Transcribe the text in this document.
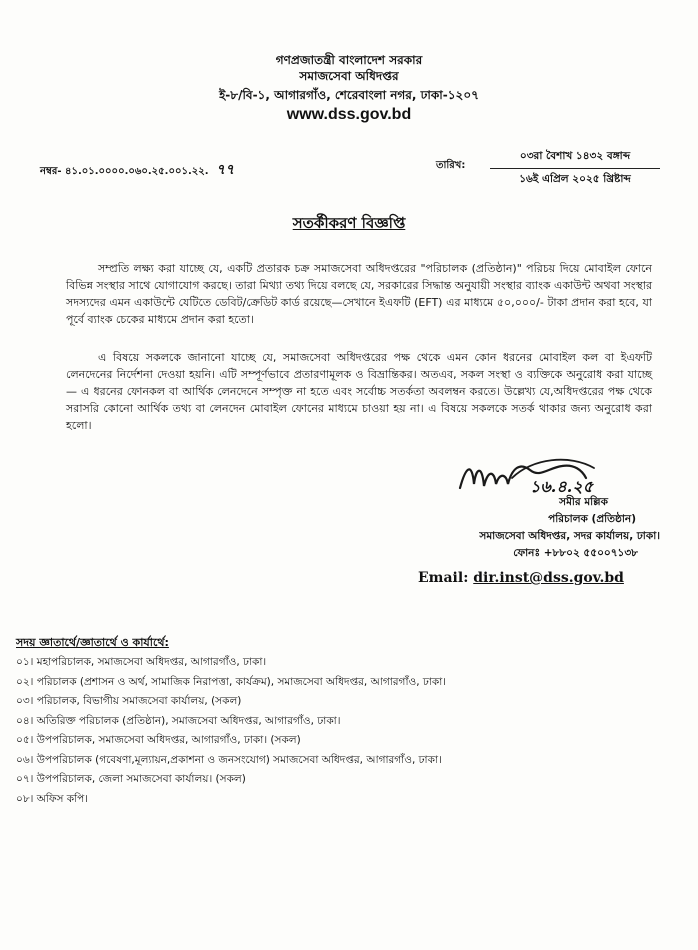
গণপ্রজাতন্ত্রী বাংলাদেশ সরকার
সমাজসেবা অধিদপ্তর
ই-৮/বি-১, আগারগাঁও, শেরেবাংলা নগর, ঢাকা-১২০৭
www.dss.gov.bd
নম্বর- ৪১.০১.০০০০.০৬০.২৫.০০১.২২. ৭৭	তারিখ:
০৩রা বৈশাখ ১৪৩২ বঙ্গাব্দ
১৬ই এপ্রিল ২০২৫ খ্রিষ্টাব্দ
সতর্কীকরণ বিজ্ঞপ্তি
সম্প্রতি লক্ষ্য করা যাচ্ছে যে, একটি প্রতারক চক্র সমাজসেবা অধিদপ্তরের "পরিচালক (প্রতিষ্ঠান)" পরিচয় দিয়ে মোবাইল ফোনে বিভিন্ন সংস্থার সাথে যোগাযোগ করছে। তারা মিথ্যা তথ্য দিয়ে বলছে যে, সরকারের সিদ্ধান্ত অনুযায়ী সংস্থার ব্যাংক একাউন্ট অথবা সংস্থার সদস্যদের এমন একাউন্টে যেটিতে ডেবিট/ক্রেডিট কার্ড রয়েছে—সেখানে ইএফটি (EFT) এর মাধ্যমে ৫০,০০০/- টাকা প্রদান করা হবে, যা পূর্বে ব্যাংক চেকের মাধ্যমে প্রদান করা হতো।
এ বিষয়ে সকলকে জানানো যাচ্ছে যে, সমাজসেবা অধিদপ্তরের পক্ষ থেকে এমন কোন ধরনের মোবাইল কল বা ইএফটি লেনদেনের নির্দেশনা দেওয়া হয়নি। এটি সম্পূর্ণভাবে প্রতারণামূলক ও বিভ্রান্তিকর। অতএব, সকল সংস্থা ও ব্যক্তিকে অনুরোধ করা যাচ্ছে— এ ধরনের ফোনকল বা আর্থিক লেনদেনে সম্পৃক্ত না হতে এবং সর্বোচ্চ সতর্কতা অবলম্বন করতে। উল্লেখ্য যে,অধিদপ্তরের পক্ষ থেকে সরাসরি কোনো আর্থিক তথ্য বা লেনদেন মোবাইল ফোনের মাধ্যমে চাওয়া হয় না। এ বিষয়ে সকলকে সতর্ক থাকার জন্য অনুরোধ করা হলো।
১৬.৪.২৫
সমীর মল্লিক
পরিচালক (প্রতিষ্ঠান)
সমাজসেবা অধিদপ্তর, সদর কার্যালয়, ঢাকা।
ফোনঃ +৮৮০২ ৫৫০০৭১৩৮
Email: dir.inst@dss.gov.bd
সদয় জ্ঞাতার্থে/জ্ঞাতার্থে ও কার্যার্থে:
০১। মহাপরিচালক, সমাজসেবা অধিদপ্তর, আগারগাঁও, ঢাকা।
০২। পরিচালক (প্রশাসন ও অর্থ, সামাজিক নিরাপত্তা, কার্যক্রম), সমাজসেবা অধিদপ্তর, আগারগাঁও, ঢাকা।
০৩। পরিচালক, বিভাগীয় সমাজসেবা কার্যালয়, (সকল)
০৪। অতিরিক্ত পরিচালক (প্রতিষ্ঠান), সমাজসেবা অধিদপ্তর, আগারগাঁও, ঢাকা।
০৫। উপপরিচালক, সমাজসেবা অধিদপ্তর, আগারগাঁও, ঢাকা। (সকল)
০৬। উপপরিচালক (গবেষণা,মূল্যায়ন,প্রকাশনা ও জনসংযোগ) সমাজসেবা অধিদপ্তর, আগারগাঁও, ঢাকা।
০৭। উপপরিচালক, জেলা সমাজসেবা কার্যালয়। (সকল)
০৮। অফিস কপি।
